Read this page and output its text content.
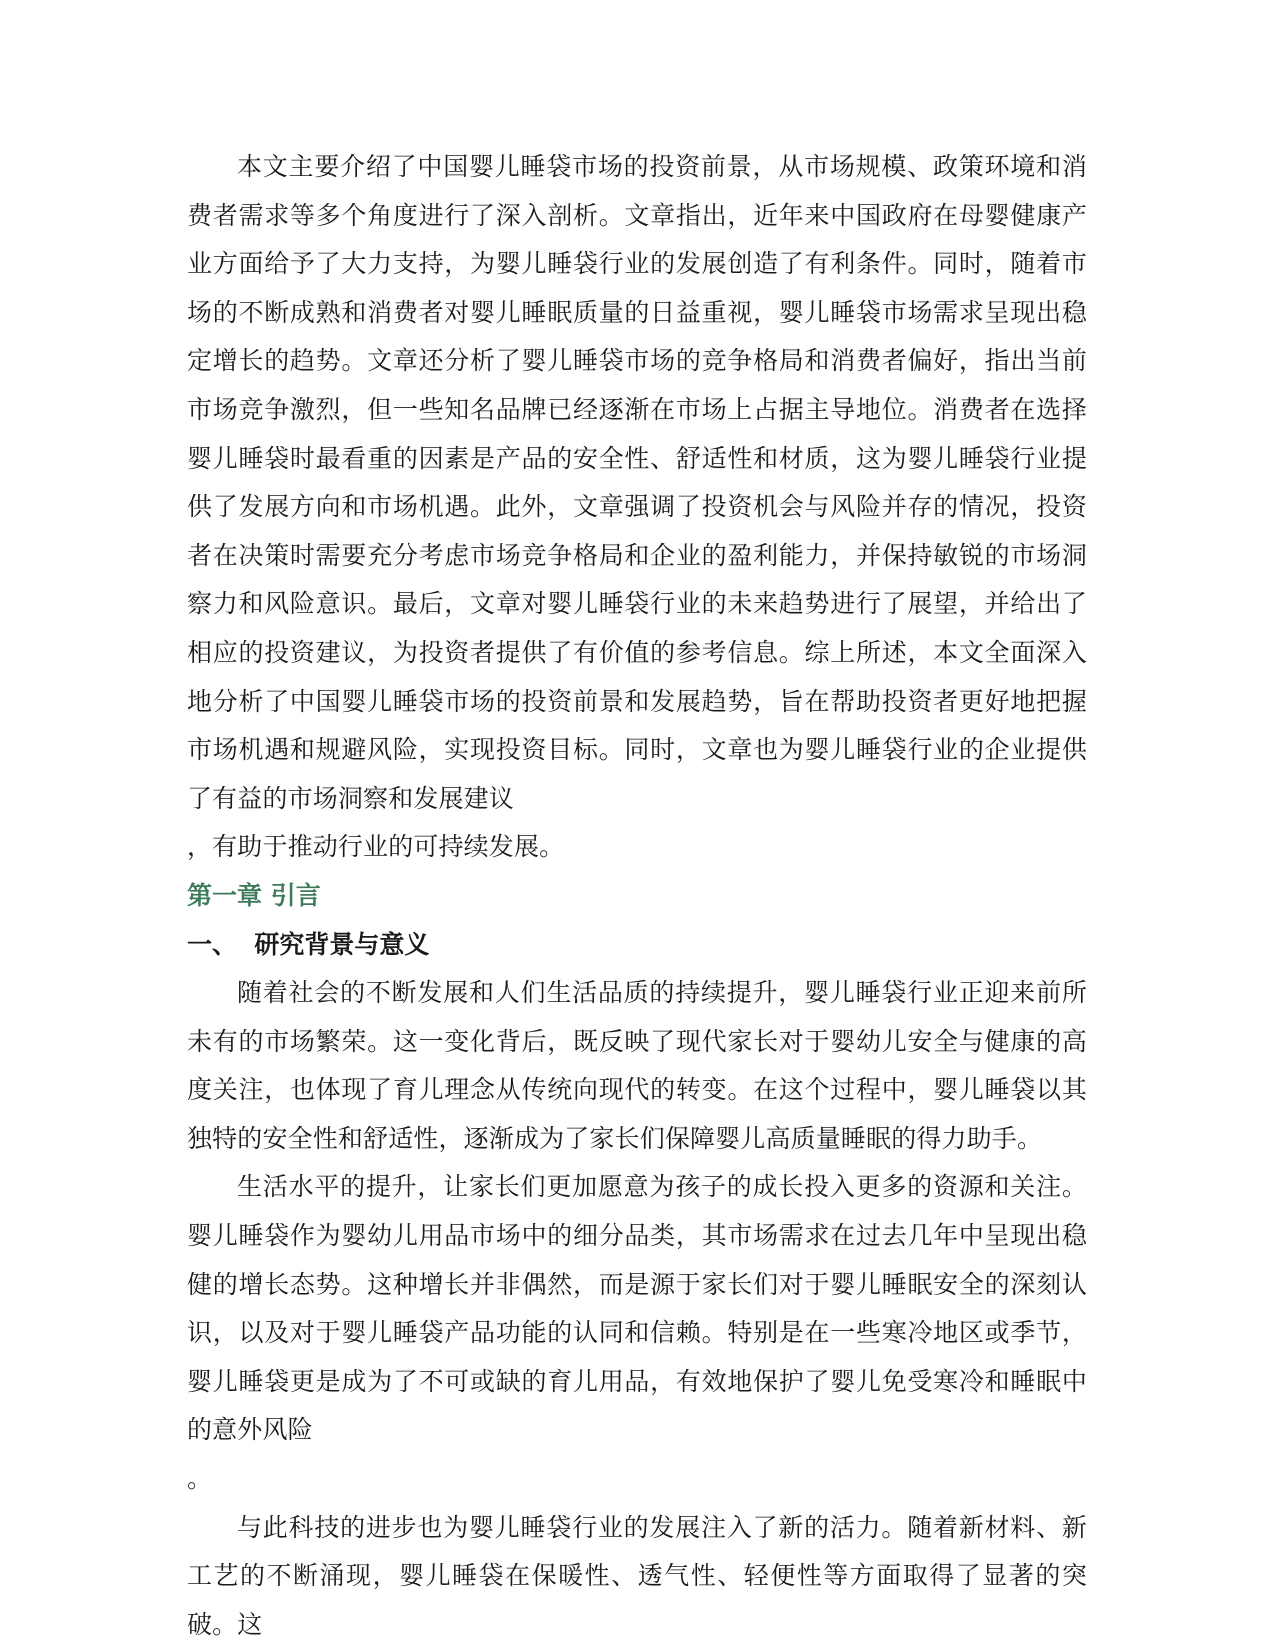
本文主要介绍了中国婴儿睡袋市场的投资前景，从市场规模、政策环境和消费者需求等多个角度进行了深入剖析。文章指出，近年来中国政府在母婴健康产业方面给予了大力支持，为婴儿睡袋行业的发展创造了有利条件。同时，随着市场的不断成熟和消费者对婴儿睡眠质量的日益重视，婴儿睡袋市场需求呈现出稳定增长的趋势。文章还分析了婴儿睡袋市场的竞争格局和消费者偏好，指出当前市场竞争激烈，但一些知名品牌已经逐渐在市场上占据主导地位。消费者在选择婴儿睡袋时最看重的因素是产品的安全性、舒适性和材质，这为婴儿睡袋行业提供了发展方向和市场机遇。此外，文章强调了投资机会与风险并存的情况，投资者在决策时需要充分考虑市场竞争格局和企业的盈利能力，并保持敏锐的市场洞察力和风险意识。最后，文章对婴儿睡袋行业的未来趋势进行了展望，并给出了相应的投资建议，为投资者提供了有价值的参考信息。综上所述，本文全面深入地分析了中国婴儿睡袋市场的投资前景和发展趋势，旨在帮助投资者更好地把握市场机遇和规避风险，实现投资目标。同时，文章也为婴儿睡袋行业的企业提供了有益的市场洞察和发展建议

，有助于推动行业的可持续发展。

第一章 引言
一、  研究背景与意义

随着社会的不断发展和人们生活品质的持续提升，婴儿睡袋行业正迎来前所未有的市场繁荣。这一变化背后，既反映了现代家长对于婴幼儿安全与健康的高度关注，也体现了育儿理念从传统向现代的转变。在这个过程中，婴儿睡袋以其独特的安全性和舒适性，逐渐成为了家长们保障婴儿高质量睡眠的得力助手。

生活水平的提升，让家长们更加愿意为孩子的成长投入更多的资源和关注。婴儿睡袋作为婴幼儿用品市场中的细分品类，其市场需求在过去几年中呈现出稳健的增长态势。这种增长并非偶然，而是源于家长们对于婴儿睡眠安全的深刻认识，以及对于婴儿睡袋产品功能的认同和信赖。特别是在一些寒冷地区或季节，婴儿睡袋更是成为了不可或缺的育儿用品，有效地保护了婴儿免受寒冷和睡眠中的意外风险

。

与此科技的进步也为婴儿睡袋行业的发展注入了新的活力。随着新材料、新工艺的不断涌现，婴儿睡袋在保暖性、透气性、轻便性等方面取得了显著的突破。这
